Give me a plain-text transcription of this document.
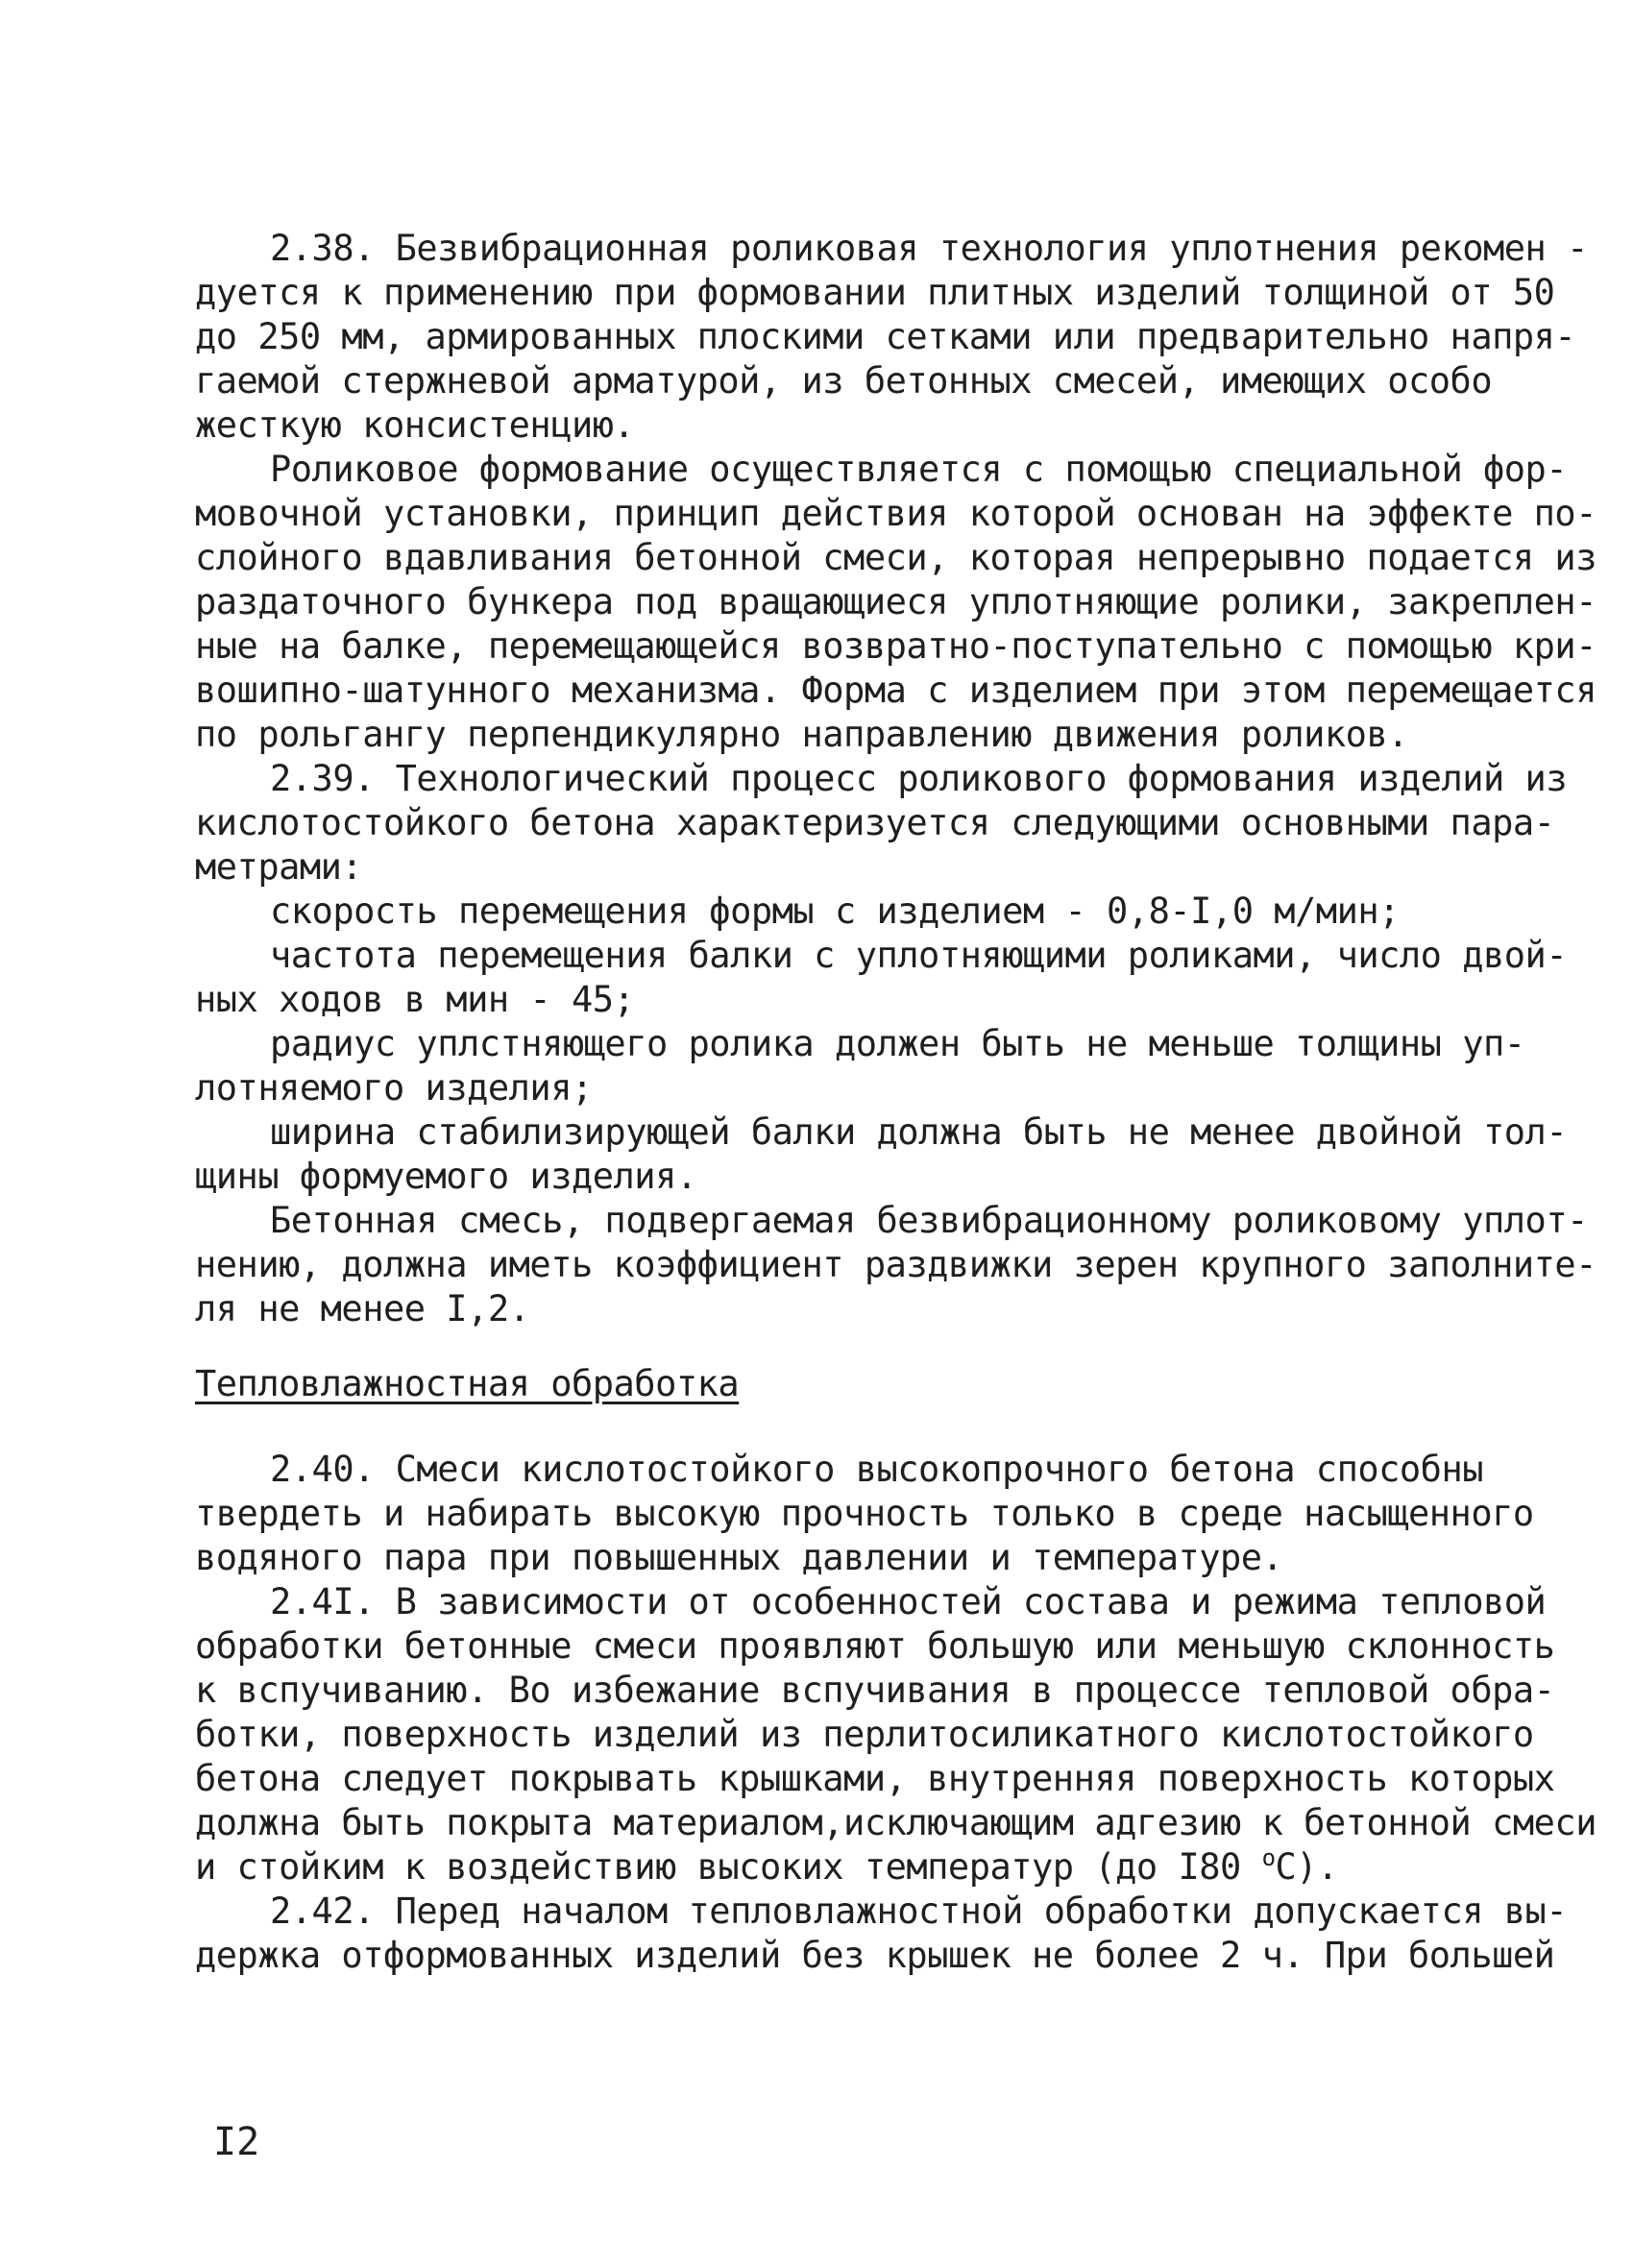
2.38. Безвибрационная роликовая технология уплотнения рекомен -
дуется к применению при формовании плитных изделий толщиной от 50
до 250 мм, армированных плоскими сетками или предварительно напря-
гаемой стержневой арматурой, из бетонных смесей, имеющих особо
жесткую консистенцию.
Роликовое формование осуществляется с помощью специальной фор-
мовочной установки, принцип действия которой основан на эффекте по-
слойного вдавливания бетонной смеси, которая непрерывно подается из
раздаточного бункера под вращающиеся уплотняющие ролики, закреплен-
ные на балке, перемещающейся возвратно-поступательно с помощью кри-
вошипно-шатунного механизма. Форма с изделием при этом перемещается
по рольгангу перпендикулярно направлению движения роликов.
2.39. Технологический процесс роликового формования изделий из
кислотостойкого бетона характеризуется следующими основными пара-
метрами:
скорость перемещения формы с изделием - 0,8-I,0 м/мин;
частота перемещения балки с уплотняющими роликами, число двой-
ных ходов в мин - 45;
радиус уплстняющего ролика должен быть не меньше толщины уп-
лотняемого изделия;
ширина стабилизирующей балки должна быть не менее двойной тол-
щины формуемого изделия.
Бетонная смесь, подвергаемая безвибрационному роликовому уплот-
нению, должна иметь коэффициент раздвижки зерен крупного заполните-
ля не менее I,2.
Тепловлажностная обработка
2.40. Смеси кислотостойкого высокопрочного бетона способны
твердеть и набирать высокую прочность только в среде насыщенного
водяного пара при повышенных давлении и температуре.
2.4I. В зависимости от особенностей состава и режима тепловой
обработки бетонные смеси проявляют большую или меньшую склонность
к вспучиванию. Во избежание вспучивания в процессе тепловой обра-
ботки, поверхность изделий из перлитосиликатного кислотостойкого
бетона следует покрывать крышками, внутренняя поверхность которых
должна быть покрыта материалом,исключающим адгезию к бетонной смеси
и стойким к воздействию высоких температур (до I80 $^о$С).
2.42. Перед началом тепловлажностной обработки допускается вы-
держка отформованных изделий без крышек не более 2 ч. При большей
I2
